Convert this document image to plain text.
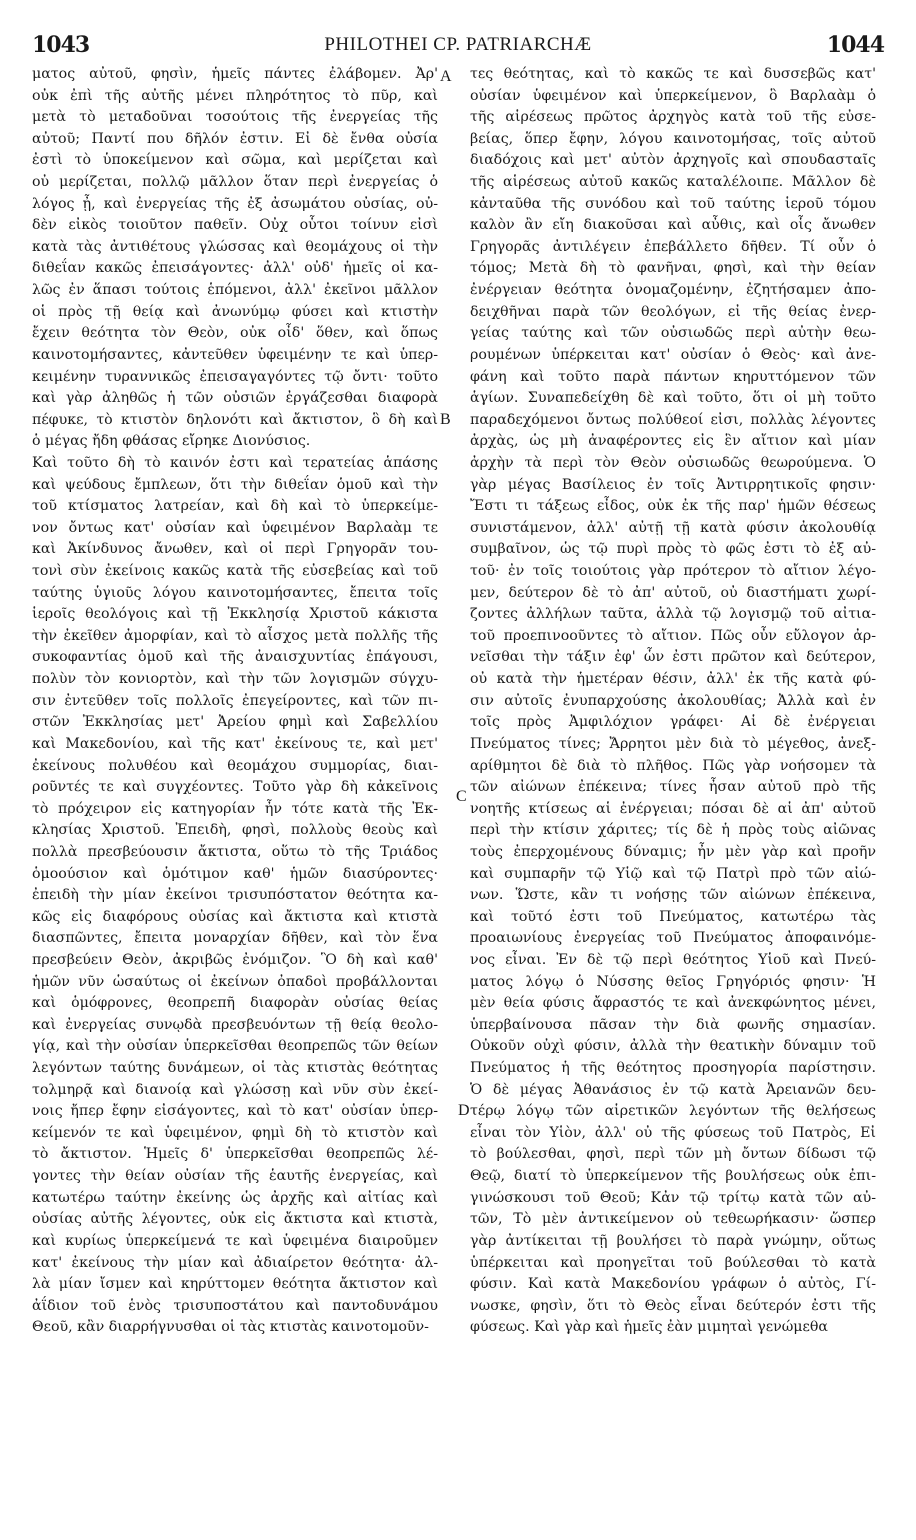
1043	PHILOTHEI CP. PATRIARCHÆ	1044
ματος αὐτοῦ, φησὶν, ἡμεῖς πάντες ἐλάβομεν. Ἀρ'
οὐκ ἐπὶ τῆς αὐτῆς μένει πληρότητος τὸ πῦρ, καὶ
μετὰ τὸ μεταδοῦναι τοσούτοις τῆς ἐνεργείας τῆς
αὐτοῦ; Παντί που δῆλόν ἐστιν. Εἰ δὲ ἔνθα οὐσία
ἐστὶ τὸ ὑποκείμενον καὶ σῶμα, καὶ μερίζεται καὶ
οὐ μερίζεται, πολλῷ μᾶλλον ὅταν περὶ ἐνεργείας ὁ
λόγος ᾖ, καὶ ἐνεργείας τῆς ἐξ ἀσωμάτου οὐσίας, οὐ-
δὲν εἰκὸς τοιοῦτον παθεῖν. Οὐχ οὗτοι τοίνυν εἰσὶ
κατὰ τὰς ἀντιθέτους γλώσσας καὶ θεομάχους οἱ τὴν
διθεΐαν κακῶς ἐπεισάγοντες· ἀλλ' οὐδ' ἡμεῖς οἱ κα-
λῶς ἐν ἅπασι τούτοις ἑπόμενοι, ἀλλ' ἐκεῖνοι μᾶλλον
οἱ πρὸς τῇ θείᾳ καὶ ἀνωνύμῳ φύσει καὶ κτιστὴν
ἔχειν θεότητα τὸν Θεὸν, οὐκ οἶδ' ὅθεν, καὶ ὅπως
καινοτομήσαντες, κἀντεῦθεν ὑφειμένην τε καὶ ὑπερ-
κειμένην τυραννικῶς ἐπεισαγαγόντες τῷ ὄντι· τοῦτο
καὶ γὰρ ἀληθῶς ἡ τῶν οὐσιῶν ἐργάζεσθαι διαφορὰ
πέφυκε, τὸ κτιστὸν δηλονότι καὶ ἄκτιστον, ὃ δὴ καὶ
ὁ μέγας ἤδη φθάσας εἴρηκε Διονύσιος.
Καὶ τοῦτο δὴ τὸ καινόν ἐστι καὶ τερατείας ἁπάσης
καὶ ψεύδους ἔμπλεων, ὅτι τὴν διθεΐαν ὁμοῦ καὶ τὴν
τοῦ κτίσματος λατρείαν, καὶ δὴ καὶ τὸ ὑπερκείμε-
νον ὄντως κατ' οὐσίαν καὶ ὑφειμένον Βαρλαὰμ τε
καὶ Ἀκίνδυνος ἄνωθεν, καὶ οἱ περὶ Γρηγορᾶν του-
τονὶ σὺν ἐκείνοις κακῶς κατὰ τῆς εὐσεβείας καὶ τοῦ
ταύτης ὑγιοῦς λόγου καινοτομήσαντες, ἔπειτα τοῖς
ἱεροῖς θεολόγοις καὶ τῇ Ἐκκλησίᾳ Χριστοῦ κάκιστα
τὴν ἐκεῖθεν ἀμορφίαν, καὶ τὸ αἶσχος μετὰ πολλῆς τῆς
συκοφαντίας ὁμοῦ καὶ τῆς ἀναισχυντίας ἐπάγουσι,
πολὺν τὸν κονιορτὸν, καὶ τὴν τῶν λογισμῶν σύγχυ-
σιν ἐντεῦθεν τοῖς πολλοῖς ἐπεγείροντες, καὶ τῶν πι-
στῶν Ἐκκλησίας μετ' Ἀρείου φημὶ καὶ Σαβελλίου
καὶ Μακεδονίου, καὶ τῆς κατ' ἐκείνους τε, καὶ μετ'
ἐκείνους πολυθέου καὶ θεομάχου συμμορίας, διαι-
ροῦντές τε καὶ συγχέοντες. Τοῦτο γὰρ δὴ κἀκεῖνοις
τὸ πρόχειρον εἰς κατηγορίαν ἦν τότε κατὰ τῆς Ἐκ-
κλησίας Χριστοῦ. Ἐπειδὴ, φησὶ, πολλοὺς θεοὺς καὶ
πολλὰ πρεσβεύουσιν ἄκτιστα, οὕτω τὸ τῆς Τριάδος
ὁμοούσιον καὶ ὁμότιμον καθ' ἡμῶν διασύροντες·
ἐπειδὴ τὴν μίαν ἐκείνοι τρισυπόστατον θεότητα κα-
κῶς εἰς διαφόρους οὐσίας καὶ ἄκτιστα καὶ κτιστὰ
διασπῶντες, ἔπειτα μοναρχίαν δῆθεν, καὶ τὸν ἕνα
πρεσβεύειν Θεὸν, ἀκριβῶς ἐνόμιζον. Ὃ δὴ καὶ καθ'
ἡμῶν νῦν ὡσαύτως οἱ ἐκείνων ὀπαδοὶ προβάλλονται
καὶ ὁμόφρονες, θεοπρεπῆ διαφορὰν οὐσίας θείας
καὶ ἐνεργείας συνῳδὰ πρεσβευόντων τῇ θείᾳ θεολο-
γίᾳ, καὶ τὴν οὐσίαν ὑπερκεῖσθαι θεοπρεπῶς τῶν θείων
λεγόντων ταύτης δυνάμεων, οἱ τὰς κτιστὰς θεότητας
τολμηρᾷ καὶ διανοίᾳ καὶ γλώσσῃ καὶ νῦν σὺν ἐκεί-
νοις ἤπερ ἔφην εἰσάγοντες, καὶ τὸ κατ' οὐσίαν ὑπερ-
κείμενόν τε καὶ ὑφειμένον, φημὶ δὴ τὸ κτιστὸν καὶ
τὸ ἄκτιστον. Ἡμεῖς δ' ὑπερκεῖσθαι θεοπρεπῶς λέ-
γοντες τὴν θείαν οὐσίαν τῆς ἑαυτῆς ἐνεργείας, καὶ
κατωτέρω ταύτην ἐκείνης ὡς ἀρχῆς καὶ αἰτίας καὶ
οὐσίας αὐτῆς λέγοντες, οὐκ εἰς ἄκτιστα καὶ κτιστὰ,
καὶ κυρίως ὑπερκείμενά τε καὶ ὑφειμένα διαιροῦμεν
κατ' ἐκείνους τὴν μίαν καὶ ἀδιαίρετον θεότητα· ἀλ-
λὰ μίαν ἴσμεν καὶ κηρύττομεν θεότητα ἄκτιστον καὶ
ἀΐδιον τοῦ ἑνὸς τρισυποστάτου καὶ παντοδυνάμου
Θεοῦ, κἂν διαρρήγνυσθαι οἱ τὰς κτιστὰς καινοτομοῦν-
τες θεότητας, καὶ τὸ κακῶς τε καὶ δυσσεβῶς κατ'
οὐσίαν ὑφειμένον καὶ ὑπερκείμενον, ὃ Βαρλαὰμ ὁ
τῆς αἱρέσεως πρῶτος ἀρχηγὸς κατὰ τοῦ τῆς εὐσε-
βείας, ὅπερ ἔφην, λόγου καινοτομήσας, τοῖς αὐτοῦ
διαδόχοις καὶ μετ' αὐτὸν ἀρχηγοῖς καὶ σπουδασταῖς
τῆς αἱρέσεως αὐτοῦ κακῶς καταλέλοιπε. Μᾶλλον δὲ
κἀνταῦθα τῆς συνόδου καὶ τοῦ ταύτης ἱεροῦ τόμου
καλὸν ἂν εἴη διακοῦσαι καὶ αὖθις, καὶ οἷς ἄνωθεν
Γρηγορᾶς ἀντιλέγειν ἐπεβάλλετο δῆθεν. Τί οὖν ὁ
τόμος; Μετὰ δὴ τὸ φανῆναι, φησὶ, καὶ τὴν θείαν
ἐνέργειαν θεότητα ὀνομαζομένην, ἐζητήσαμεν ἀπο-
δειχθῆναι παρὰ τῶν θεολόγων, εἰ τῆς θείας ἐνερ-
γείας ταύτης καὶ τῶν οὐσιωδῶς περὶ αὐτὴν θεω-
ρουμένων ὑπέρκειται κατ' οὐσίαν ὁ Θεὸς· καὶ ἀνε-
φάνη καὶ τοῦτο παρὰ πάντων κηρυττόμενον τῶν
ἁγίων. Συναπεδείχθη δὲ καὶ τοῦτο, ὅτι οἱ μὴ τοῦτο
παραδεχόμενοι ὄντως πολύθεοί εἰσι, πολλὰς λέγοντες
ἀρχὰς, ὡς μὴ ἀναφέροντες εἰς ἓν αἴτιον καὶ μίαν
ἀρχὴν τὰ περὶ τὸν Θεὸν οὐσιωδῶς θεωρούμενα. Ὁ
γὰρ μέγας Βασίλειος ἐν τοῖς Ἀντιρρητικοῖς φησιν·
Ἔστι τι τάξεως εἶδος, οὐκ ἐκ τῆς παρ' ἡμῶν θέσεως
συνιστάμενον, ἀλλ' αὐτῇ τῇ κατὰ φύσιν ἀκολουθίᾳ
συμβαῖνον, ὡς τῷ πυρὶ πρὸς τὸ φῶς ἐστι τὸ ἐξ αὐ-
τοῦ· ἐν τοῖς τοιούτοις γὰρ πρότερον τὸ αἴτιον λέγο-
μεν, δεύτερον δὲ τὸ ἀπ' αὐτοῦ, οὐ διαστήματι χωρί-
ζοντες ἀλλήλων ταῦτα, ἀλλὰ τῷ λογισμῷ τοῦ αἰτια-
τοῦ προεπινοοῦντες τὸ αἴτιον. Πῶς οὖν εὔλογον ἀρ-
νεῖσθαι τὴν τάξιν ἐφ' ὧν ἐστι πρῶτον καὶ δεύτερον,
οὐ κατὰ τὴν ἡμετέραν θέσιν, ἀλλ' ἐκ τῆς κατὰ φύ-
σιν αὐτοῖς ἐνυπαρχούσης ἀκολουθίας; Ἀλλὰ καὶ ἐν
τοῖς πρὸς Ἀμφιλόχιον γράφει· Αἱ δὲ ἐνέργειαι
Πνεύματος τίνες; Ἄρρητοι μὲν διὰ τὸ μέγεθος, ἀνεξ-
αρίθμητοι δὲ διὰ τὸ πλῆθος. Πῶς γὰρ νοήσομεν τὰ
τῶν αἰώνων ἐπέκεινα; τίνες ἦσαν αὐτοῦ πρὸ τῆς
νοητῆς κτίσεως αἱ ἐνέργειαι; πόσαι δὲ αἱ ἀπ' αὐτοῦ
περὶ τὴν κτίσιν χάριτες; τίς δὲ ἡ πρὸς τοὺς αἰῶνας
τοὺς ἐπερχομένους δύναμις; ἦν μὲν γὰρ καὶ προῆν
καὶ συμπαρῆν τῷ Υἱῷ καὶ τῷ Πατρὶ πρὸ τῶν αἰώ-
νων. Ὥστε, κἂν τι νοήσῃς τῶν αἰώνων ἐπέκεινα,
καὶ τοῦτό ἐστι τοῦ Πνεύματος, κατωτέρω τὰς
προαιωνίους ἐνεργείας τοῦ Πνεύματος ἀποφαινόμε-
νος εἶναι. Ἐν δὲ τῷ περὶ θεότητος Υἱοῦ καὶ Πνεύ-
ματος λόγῳ ὁ Νύσσης θεῖος Γρηγόριός φησιν· Ἡ
μὲν θεία φύσις ἄφραστός τε καὶ ἀνεκφώνητος μένει,
ὑπερβαίνουσα πᾶσαν τὴν διὰ φωνῆς σημασίαν.
Οὐκοῦν οὐχὶ φύσιν, ἀλλὰ τὴν θεατικὴν δύναμιν τοῦ
Πνεύματος ἡ τῆς θεότητος προσηγορία παρίστησιν.
Ὁ δὲ μέγας Ἀθανάσιος ἐν τῷ κατὰ Ἀρειανῶν δευ-
τέρῳ λόγῳ τῶν αἱρετικῶν λεγόντων τῆς θελήσεως
εἶναι τὸν Υἱὸν, ἀλλ' οὐ τῆς φύσεως τοῦ Πατρὸς, Εἰ
τὸ βούλεσθαι, φησὶ, περὶ τῶν μὴ ὄντων δίδωσι τῷ
Θεῷ, διατί τὸ ὑπερκείμενον τῆς βουλήσεως οὐκ ἐπι-
γινώσκουσι τοῦ Θεοῦ; Κἀν τῷ τρίτῳ κατὰ τῶν αὐ-
τῶν, Τὸ μὲν ἀντικείμενον οὐ τεθεωρήκασιν· ὥσπερ
γὰρ ἀντίκειται τῇ βουλήσει τὸ παρὰ γνώμην, οὕτως
ὑπέρκειται καὶ προηγεῖται τοῦ βούλεσθαι τὸ κατὰ
φύσιν. Καὶ κατὰ Μακεδονίου γράφων ὁ αὐτὸς, Γί-
νωσκε, φησὶν, ὅτι τὸ Θεὸς εἶναι δεύτερόν ἐστι τῆς
φύσεως. Καὶ γὰρ καὶ ἡμεῖς ἐὰν μιμηταὶ γενώμεθα
A
B
C
D
